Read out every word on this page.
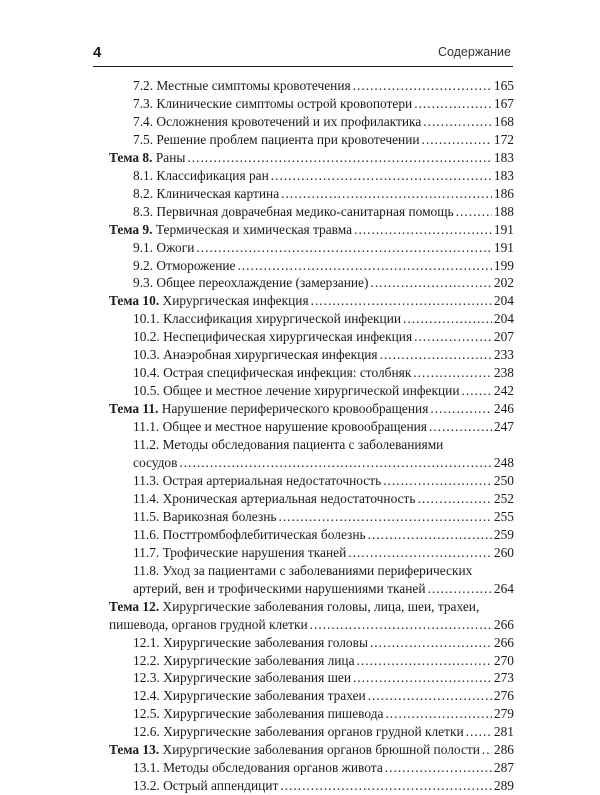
4	Содержание
7.2. Местные симптомы кровотечения .....	165
7.3. Клинические симптомы острой кровопотери .....	167
7.4. Осложнения кровотечений и их профилактика .....	168
7.5. Решение проблем пациента при кровотечении .....	172
Тема 8. Раны .....	183
8.1. Классификация ран .....	183
8.2. Клиническая картина .....	186
8.3. Первичная доврачебная медико-санитарная помощь .....	188
Тема 9. Термическая и химическая травма .....	191
9.1. Ожоги .....	191
9.2. Отморожение .....	199
9.3. Общее переохлаждение (замерзание) .....	202
Тема 10. Хирургическая инфекция .....	204
10.1. Классификация хирургической инфекции .....	204
10.2. Неспецифическая хирургическая инфекция .....	207
10.3. Анаэробная хирургическая инфекция .....	233
10.4. Острая специфическая инфекция: столбняк .....	238
10.5. Общее и местное лечение хирургической инфекции .....	242
Тема 11. Нарушение периферического кровообращения .....	246
11.1. Общее и местное нарушение кровообращения .....	247
11.2. Методы обследования пациента с заболеваниями
сосудов .....	248
11.3. Острая артериальная недостаточность .....	250
11.4. Хроническая артериальная недостаточность .....	252
11.5. Варикозная болезнь .....	255
11.6. Посттромбофлебитическая болезнь .....	259
11.7. Трофические нарушения тканей .....	260
11.8. Уход за пациентами с заболеваниями периферических
артерий, вен и трофическими нарушениями тканей .....	264
Тема 12. Хирургические заболевания головы, лица, шеи, трахеи,
пишевода, органов грудной клетки .....	266
12.1. Хирургические заболевания головы .....	266
12.2. Хирургические заболевания лица .....	270
12.3. Хирургические заболевания шеи .....	273
12.4. Хирургические заболевания трахеи .....	276
12.5. Хирургические заболевания пишевода .....	279
12.6. Хирургические заболевания органов грудной клетки ..... 281
Тема 13. Хирургические заболевания органов брюшной полости ..... 286
13.1. Методы обследования органов живота .....	287
13.2. Острый аппендицит .....	289
